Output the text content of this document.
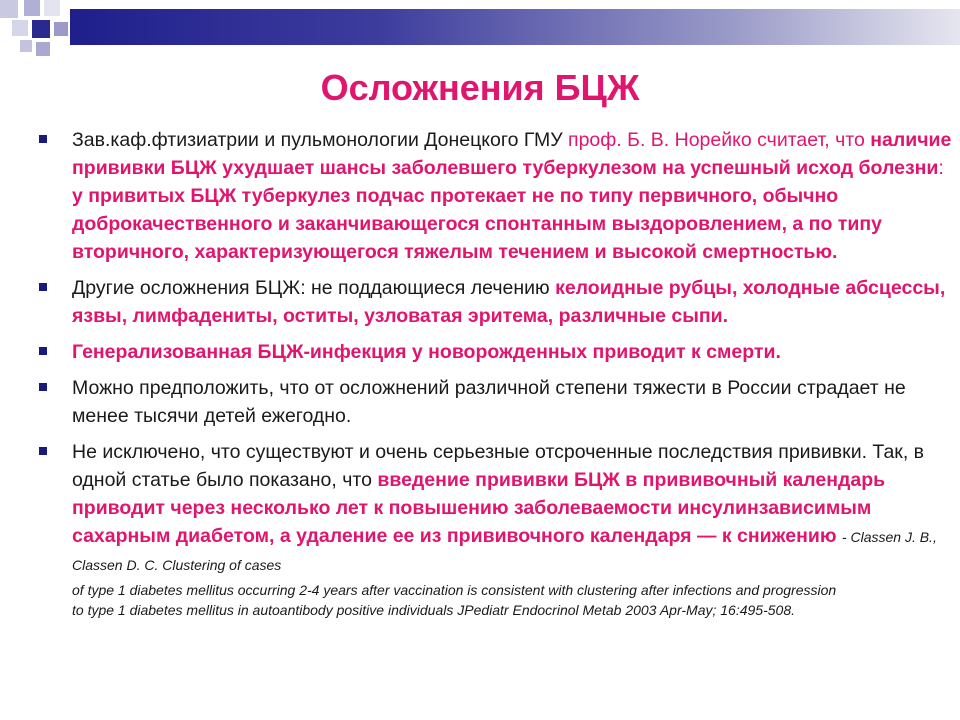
Осложнения БЦЖ
Зав.каф.фтизиатрии и пульмонологии Донецкого ГМУ проф. Б. В. Норейко считает, что наличие прививки БЦЖ ухудшает шансы заболевшего туберкулезом на успешный исход болезни: у привитых БЦЖ туберкулез подчас протекает не по типу первичного, обычно доброкачественного и заканчивающегося спонтанным выздоровлением, а по типу вторичного, характеризующегося тяжелым течением и высокой смертностью.
Другие осложнения БЦЖ: не поддающиеся лечению келоидные рубцы, холодные абсцессы, язвы, лимфадениты, оститы, узловатая эритема, различные сыпи.
Генерализованная БЦЖ-инфекция у новорожденных приводит к смерти.
Можно предположить, что от осложнений различной степени тяжести в России страдает не менее тысячи детей ежегодно.
Не исключено, что существуют и очень серьезные отсроченные последствия прививки. Так, в одной статье было показано, что введение прививки БЦЖ в прививочный календарь приводит через несколько лет к повышению заболеваемости инсулинзависимым сахарным диабетом, а удаление ее из прививочного календаря — к снижению - Classen J. B., Classen D. C. Clustering of cases
of type 1 diabetes mellitus occurring 2-4 years after vaccination is consistent with clustering after infections and progression
to type 1 diabetes mellitus in autoantibody positive individuals JPediatr Endocrinol Metab 2003 Apr-May; 16:495-508.
